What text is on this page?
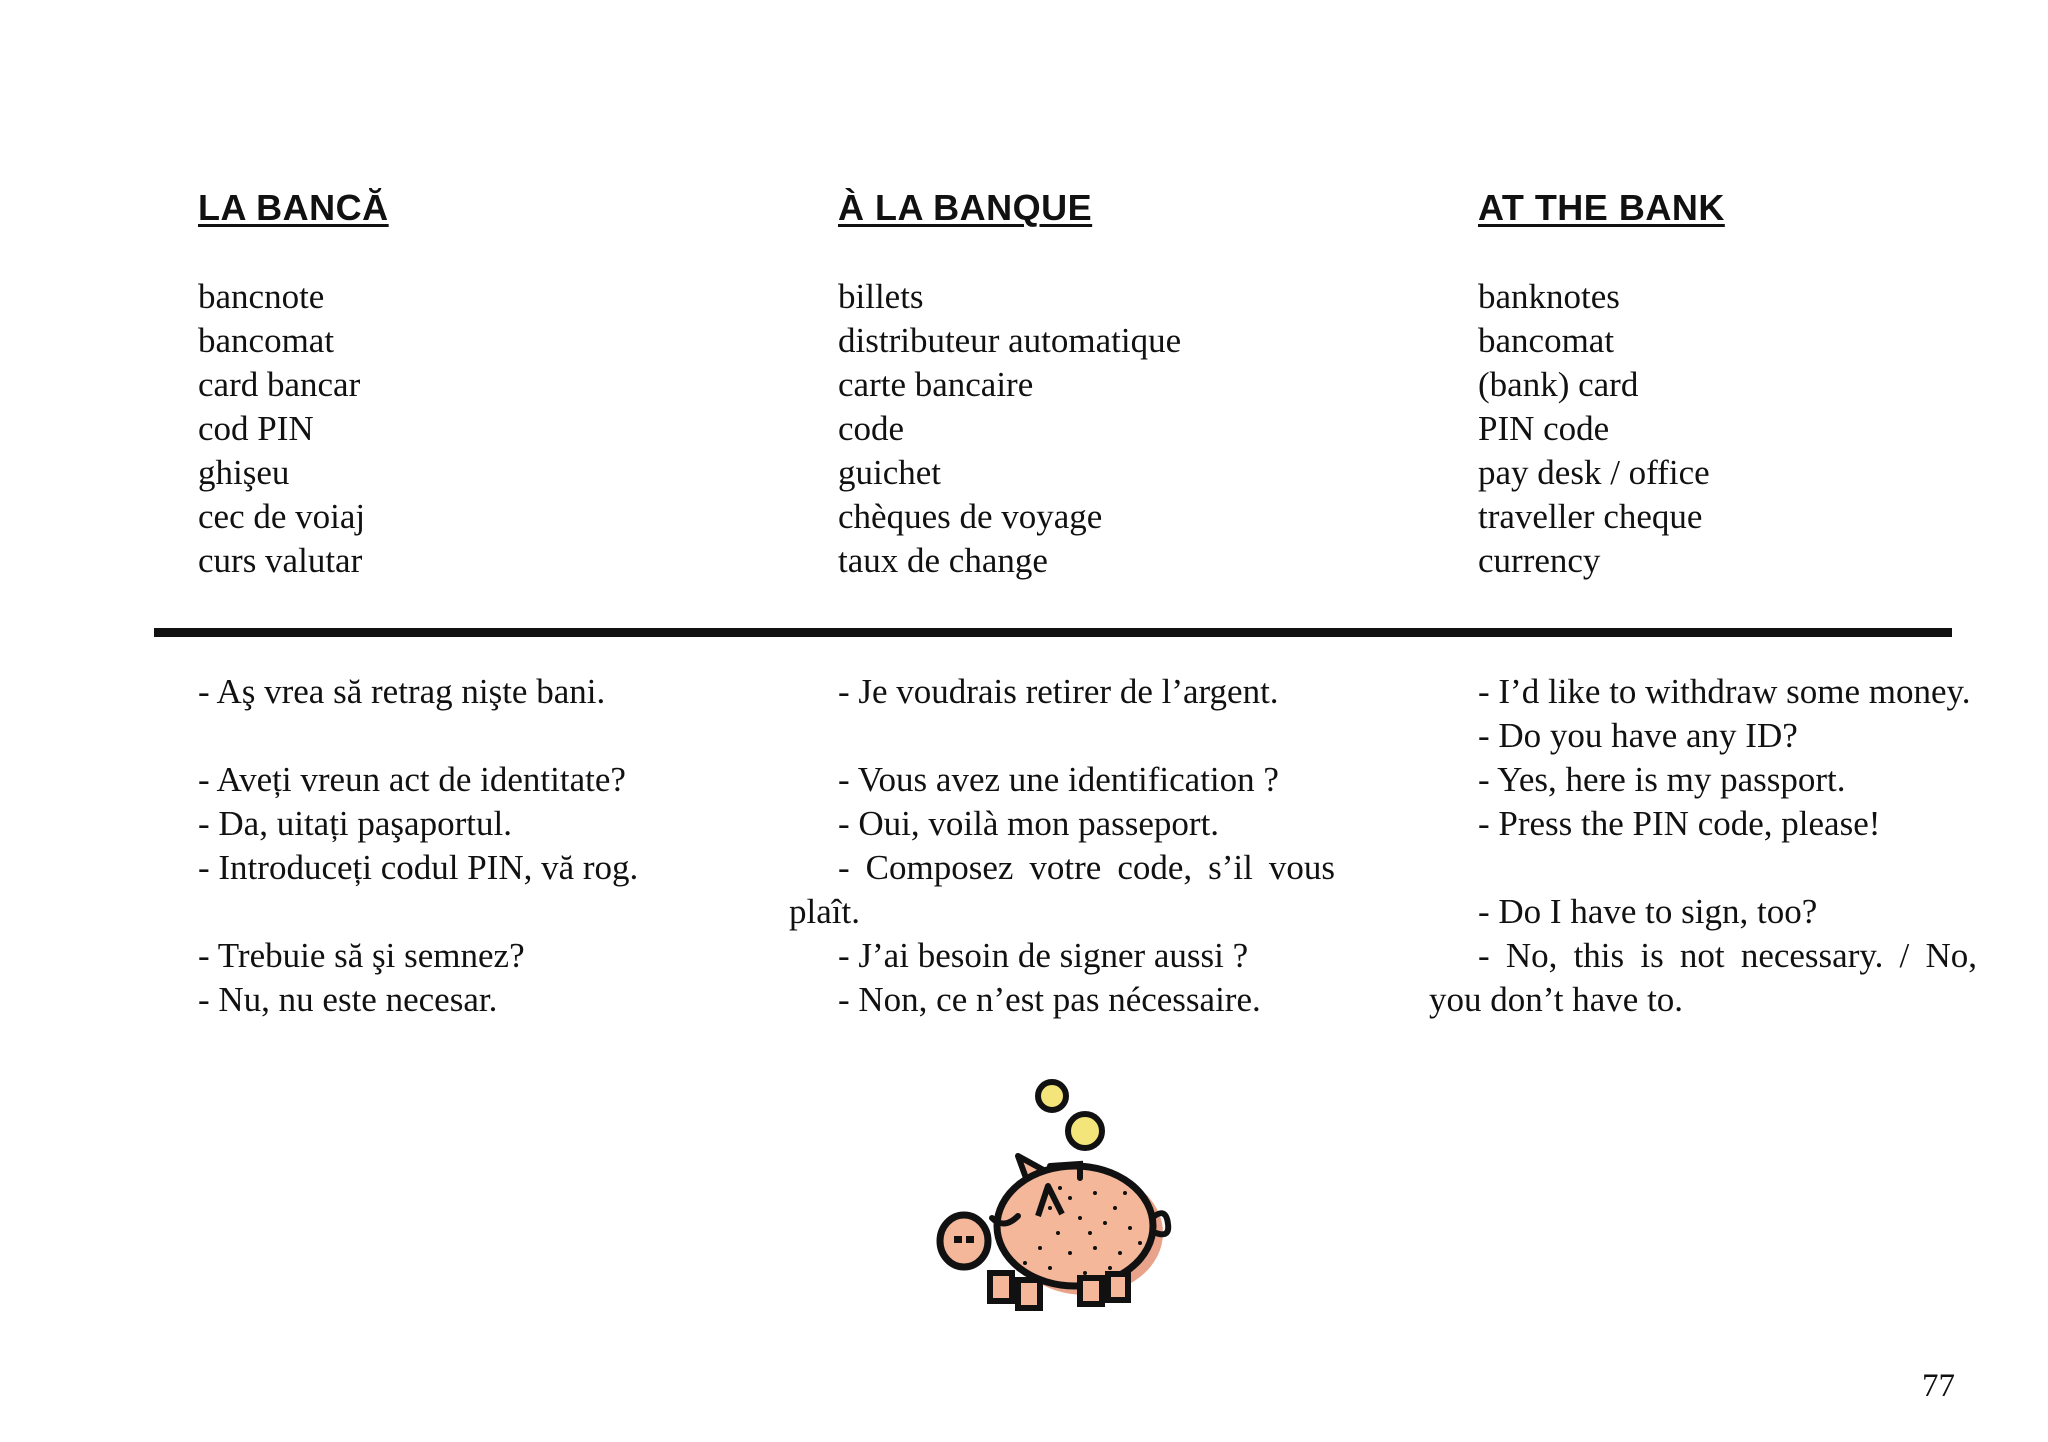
LA BANCĂ	À LA BANQUE	AT THE BANK
bancnote
bancomat
card bancar
cod PIN
ghişeu
cec de voiaj
curs valutar
billets
distributeur automatique
carte bancaire
code
guichet
chèques de voyage
taux de change
banknotes
bancomat
(bank) card
PIN code
pay desk / office
traveller cheque
currency
- Aş vrea să retrag nişte bani.
- Aveți vreun act de identitate?
- Da, uitați paşaportul.
- Introduceți codul PIN, vă rog.
- Trebuie să şi semnez?
- Nu, nu este necesar.
- Je voudrais retirer de l’argent.
- Vous avez une identification ?
- Oui, voilà mon passeport.
- Composez votre code, s’il vous plaît.
- J’ai besoin de signer aussi ?
- Non, ce n’est pas nécessaire.
- I’d like to withdraw some money.
- Do you have any ID?
- Yes, here is my passport.
- Press the PIN code, please!
- Do I have to sign, too?
- No, this is not necessary. / No, you don’t have to.
77
